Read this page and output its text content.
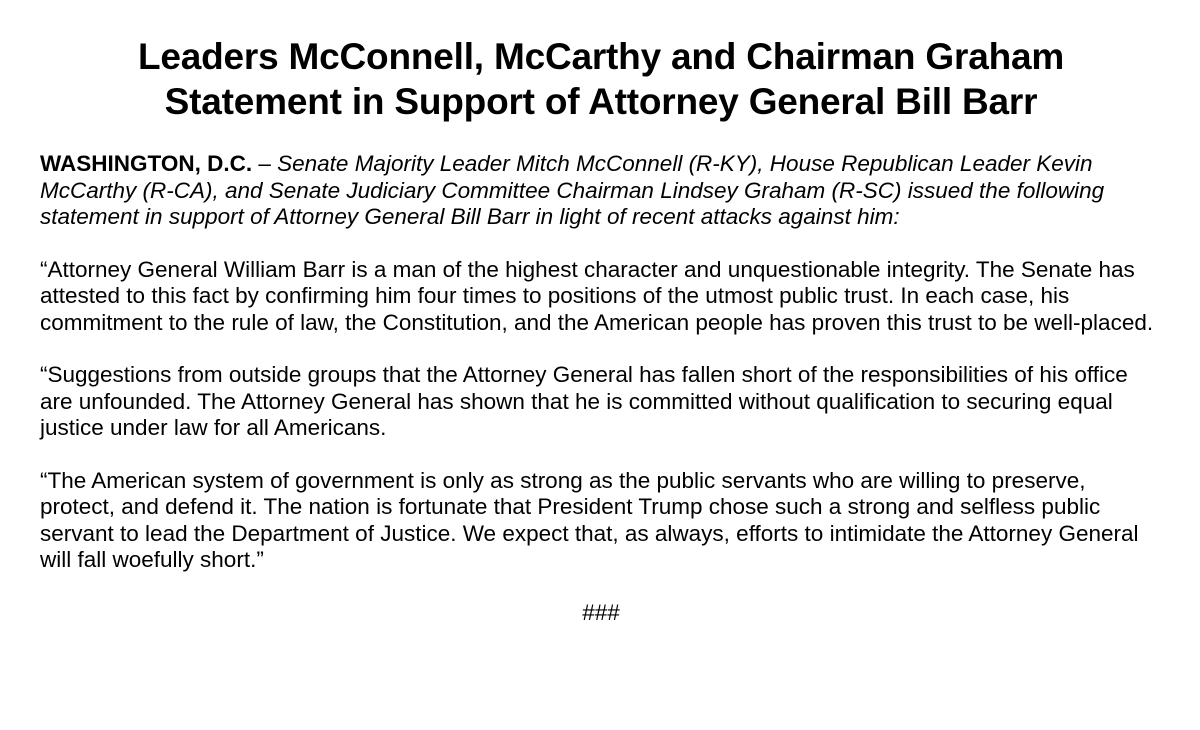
Leaders McConnell, McCarthy and Chairman Graham
Statement in Support of Attorney General Bill Barr

WASHINGTON, D.C. – Senate Majority Leader Mitch McConnell (R-KY), House Republican Leader Kevin McCarthy (R-CA), and Senate Judiciary Committee Chairman Lindsey Graham (R-SC) issued the following statement in support of Attorney General Bill Barr in light of recent attacks against him:

“Attorney General William Barr is a man of the highest character and unquestionable integrity. The Senate has attested to this fact by confirming him four times to positions of the utmost public trust. In each case, his commitment to the rule of law, the Constitution, and the American people has proven this trust to be well-placed.

“Suggestions from outside groups that the Attorney General has fallen short of the responsibilities of his office are unfounded. The Attorney General has shown that he is committed without qualification to securing equal justice under law for all Americans.

“The American system of government is only as strong as the public servants who are willing to preserve, protect, and defend it. The nation is fortunate that President Trump chose such a strong and selfless public servant to lead the Department of Justice. We expect that, as always, efforts to intimidate the Attorney General will fall woefully short.”

###
